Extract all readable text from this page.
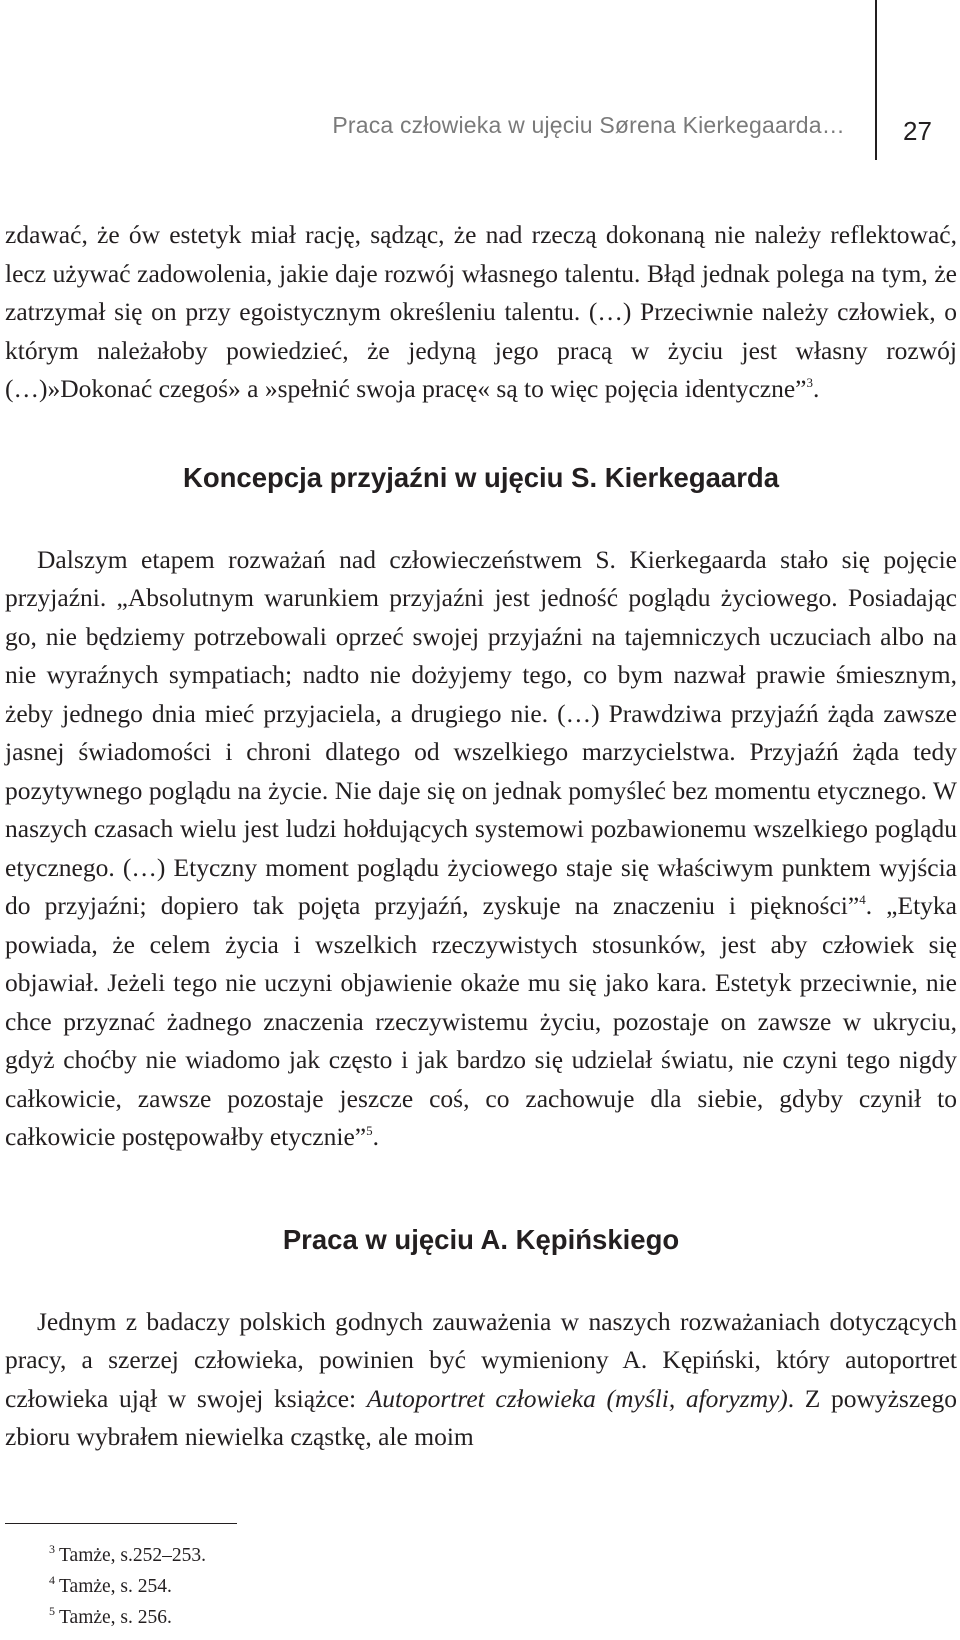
Praca człowieka w ujęciu Sørena Kierkegaarda… 27

zdawać, że ów estetyk miał rację, sądząc, że nad rzeczą dokonaną nie należy reflektować, lecz używać zadowolenia, jakie daje rozwój własnego talentu. Błąd jednak polega na tym, że zatrzymał się on przy egoistycznym określeniu talentu. (…) Przeciwnie należy człowiek, o którym należałoby powiedzieć, że jedyną jego pracą w życiu jest własny rozwój (…)»Dokonać czegoś» a »spełnić swoja pracę« są to więc pojęcia identyczne”$^3$.

Koncepcja przyjaźni w ujęciu S. Kierkegaarda

Dalszym etapem rozważań nad człowieczeństwem S. Kierkegaarda stało się pojęcie przyjaźni. „Absolutnym warunkiem przyjaźni jest jedność poglądu życiowego. Posiadając go, nie będziemy potrzebowali oprzeć swojej przyjaźni na tajemniczych uczuciach albo na nie wyraźnych sympatiach; nadto nie dożyjemy tego, co bym nazwał prawie śmiesznym, żeby jednego dnia mieć przyjaciela, a drugiego nie. (…) Prawdziwa przyjaźń żąda zawsze jasnej świadomości i chroni dlatego od wszelkiego marzycielstwa. Przyjaźń żąda tedy pozytywnego poglądu na życie. Nie daje się on jednak pomyśleć bez momentu etycznego. W naszych czasach wielu jest ludzi hołdujących systemowi pozbawionemu wszelkiego poglądu etycznego. (…) Etyczny moment poglądu życiowego staje się właściwym punktem wyjścia do przyjaźni; dopiero tak pojęta przyjaźń, zyskuje na znaczeniu i piękności”$^4$. „Etyka powiada, że celem życia i wszelkich rzeczywistych stosunków, jest aby człowiek się objawiał. Jeżeli tego nie uczyni objawienie okaże mu się jako kara. Estetyk przeciwnie, nie chce przyznać żadnego znaczenia rzeczywistemu życiu, pozostaje on zawsze w ukryciu, gdyż choćby nie wiadomo jak często i jak bardzo się udzielał światu, nie czyni tego nigdy całkowicie, zawsze pozostaje jeszcze coś, co zachowuje dla siebie, gdyby czynił to całkowicie postępowałby etycznie”$^5$.

Praca w ujęciu A. Kępińskiego

Jednym z badaczy polskich godnych zauważenia w naszych rozważaniach dotyczących pracy, a szerzej człowieka, powinien być wymieniony A. Kępiński, który autoportret człowieka ujął w swojej książce: Autoportret człowieka (myśli, aforyzmy). Z powyższego zbioru wybrałem niewielka cząstkę, ale moim

$^3$ Tamże, s.252–253.
$^4$ Tamże, s. 254.
$^5$ Tamże, s. 256.
